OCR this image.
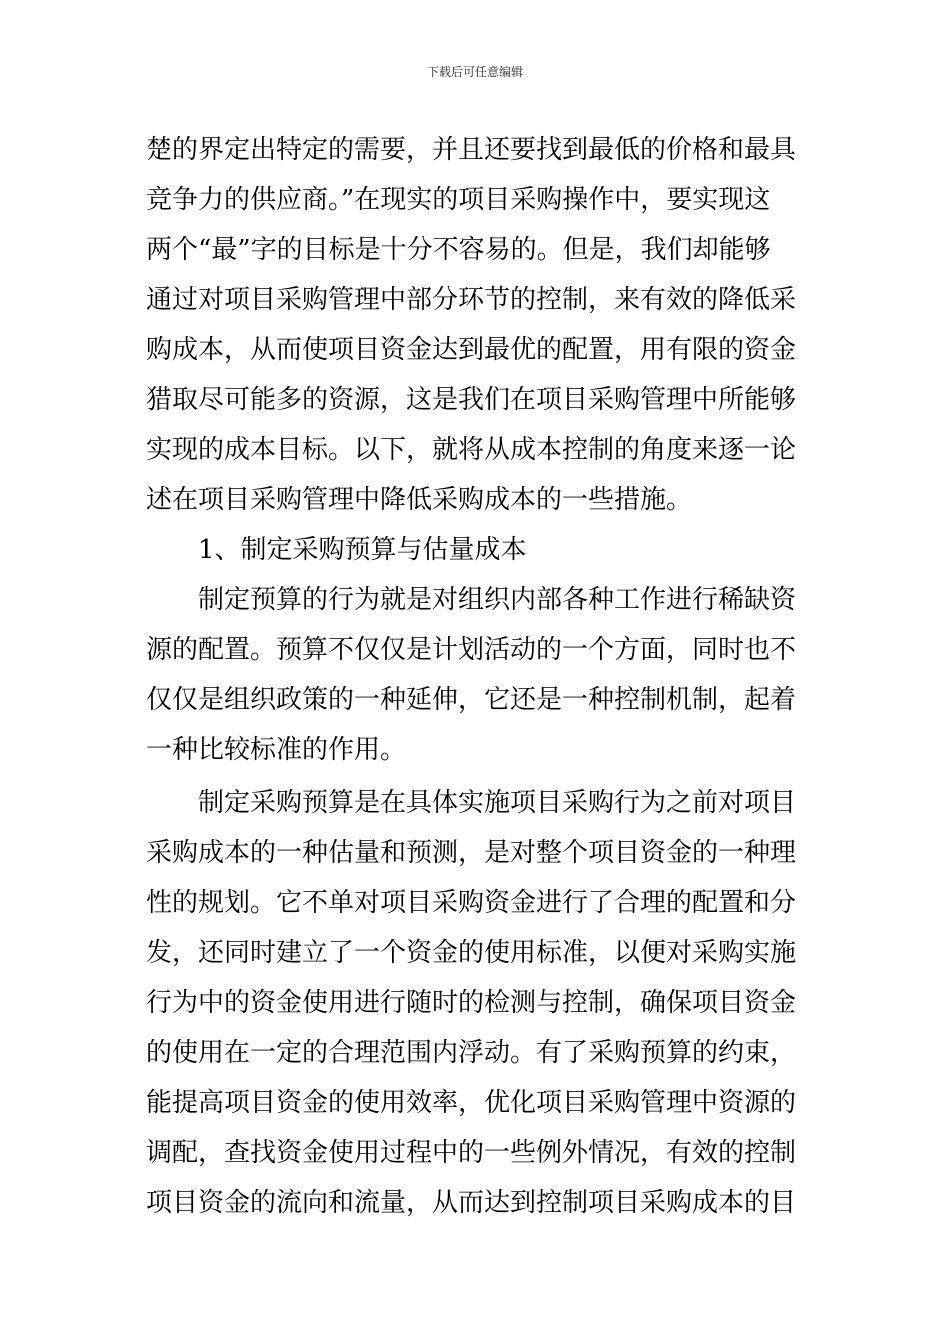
下载后可任意编辑
楚的界定出特定的需要，并且还要找到最低的价格和最具
竞争力的供应商。”在现实的项目采购操作中，要实现这
两个“最”字的目标是十分不容易的。但是，我们却能够
通过对项目采购管理中部分环节的控制，来有效的降低采
购成本，从而使项目资金达到最优的配置，用有限的资金
猎取尽可能多的资源，这是我们在项目采购管理中所能够
实现的成本目标。以下，就将从成本控制的角度来逐一论
述在项目采购管理中降低采购成本的一些措施。
1、制定采购预算与估量成本
制定预算的行为就是对组织内部各种工作进行稀缺资
源的配置。预算不仅仅是计划活动的一个方面，同时也不
仅仅是组织政策的一种延伸，它还是一种控制机制，起着
一种比较标准的作用。
制定采购预算是在具体实施项目采购行为之前对项目
采购成本的一种估量和预测，是对整个项目资金的一种理
性的规划。它不单对项目采购资金进行了合理的配置和分
发，还同时建立了一个资金的使用标准，以便对采购实施
行为中的资金使用进行随时的检测与控制，确保项目资金
的使用在一定的合理范围内浮动。有了采购预算的约束，
能提高项目资金的使用效率，优化项目采购管理中资源的
调配，查找资金使用过程中的一些例外情况，有效的控制
项目资金的流向和流量，从而达到控制项目采购成本的目
